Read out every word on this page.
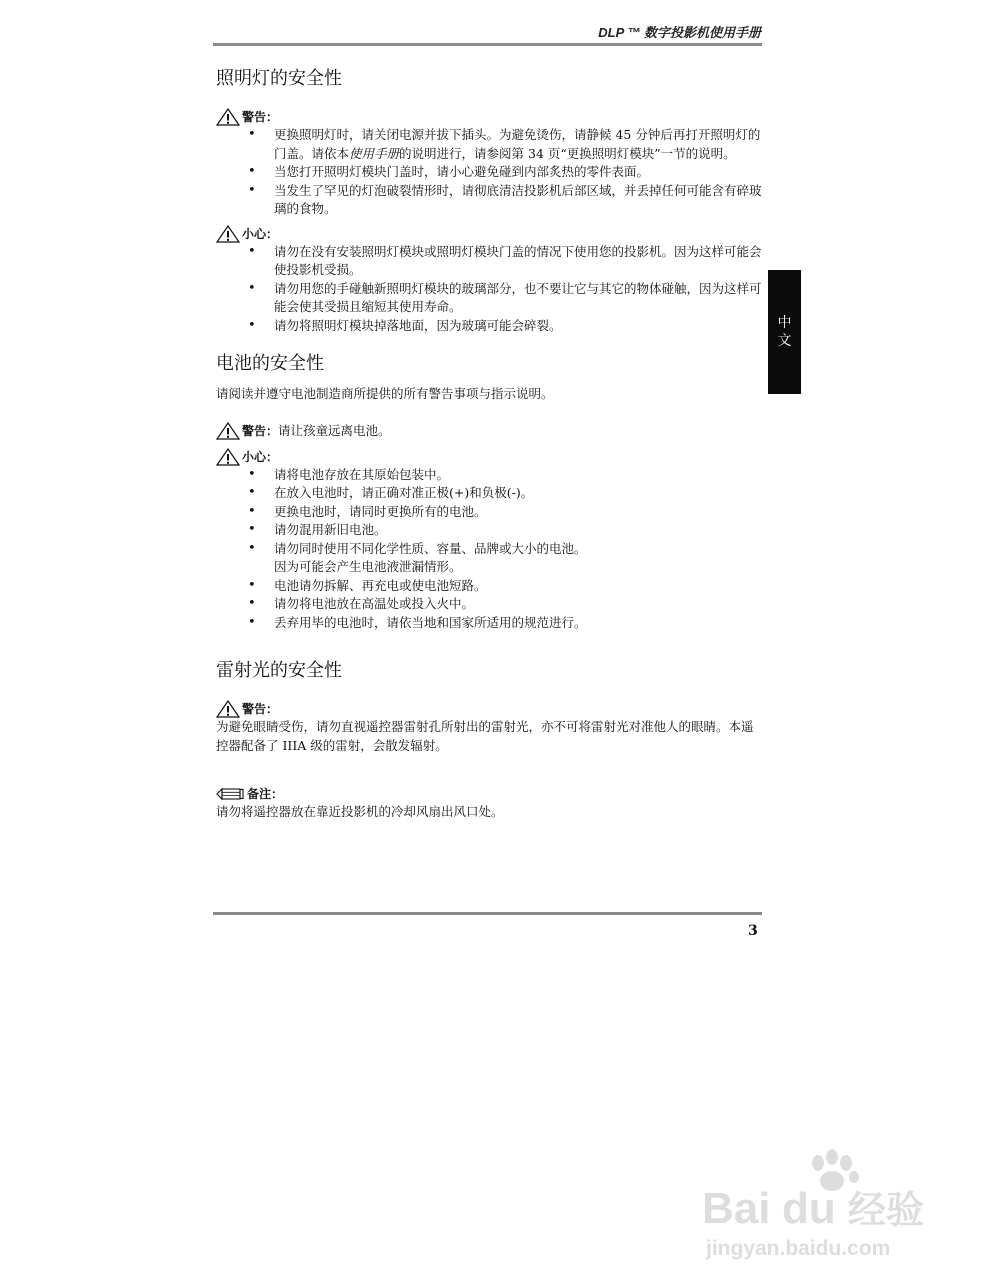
DLP ™ 数字投影机使用手册
中
文
照明灯的安全性
警告：
• 更换照明灯时，请关闭电源并拔下插头。为避免烫伤，请静候 45 分钟后再打开照明灯的门盖。请依本使用手册的说明进行，请参阅第 34 页“更换照明灯模块”一节的说明。
• 当您打开照明灯模块门盖时，请小心避免碰到内部炙热的零件表面。
• 当发生了罕见的灯泡破裂情形时，请彻底清洁投影机后部区域，并丢掉任何可能含有碎玻璃的食物。
小心：
• 请勿在没有安装照明灯模块或照明灯模块门盖的情况下使用您的投影机。因为这样可能会使投影机受损。
• 请勿用您的手碰触新照明灯模块的玻璃部分，也不要让它与其它的物体碰触，因为这样可能会使其受损且缩短其使用寿命。
• 请勿将照明灯模块掉落地面，因为玻璃可能会碎裂。
电池的安全性

请阅读并遵守电池制造商所提供的所有警告事项与指示说明。

警告： 请让孩童远离电池。
小心：
• 请将电池存放在其原始包装中。
• 在放入电池时，请正确对准正极(+)和负极(-)。
• 更换电池时，请同时更换所有的电池。
• 请勿混用新旧电池。
• 请勿同时使用不同化学性质、容量、品牌或大小的电池。
因为可能会产生电池液泄漏情形。
• 电池请勿拆解、再充电或使电池短路。
• 请勿将电池放在高温处或投入火中。
• 丢弃用毕的电池时，请依当地和国家所适用的规范进行。
雷射光的安全性
警告：

为避免眼睛受伤，请勿直视遥控器雷射孔所射出的雷射光，亦不可将雷射光对准他人的眼睛。本遥控器配备了 IIIA 级的雷射，会散发辐射。

备注：

请勿将遥控器放在靠近投影机的冷却风扇出风口处。

3
Bai du 经验
jingyan.baidu.com
